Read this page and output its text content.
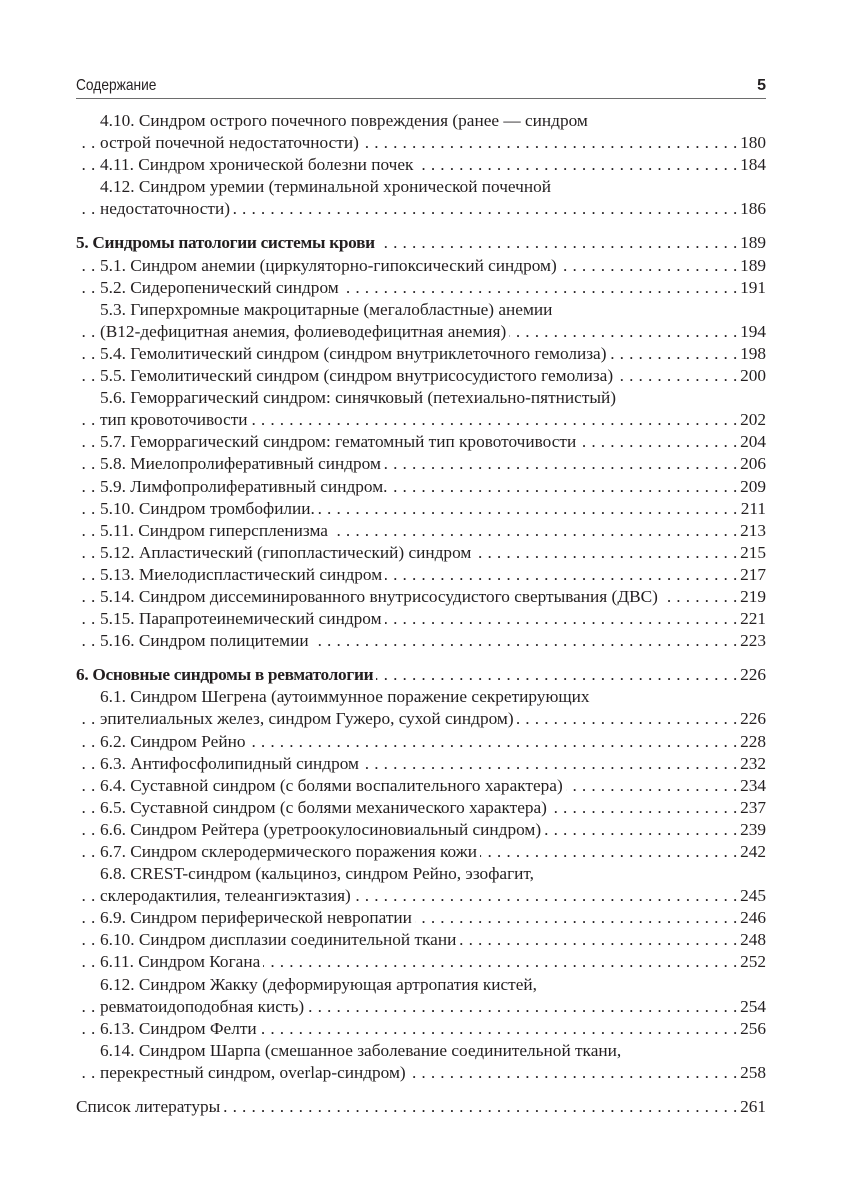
Содержание	5
4.10. Синдром острого почечного повреждения (ранее — синдром
. . . острой почечной недостаточности)	180
. . . 4.11. Синдром хронической болезни почек	184
4.12. Синдром уремии (терминальной хронической почечной
. . . недостаточности)	186
. . . 5. Синдромы патологии системы крови	189
. . . 5.1. Синдром анемии (циркуляторно-гипоксический синдром)	189
. . . 5.2. Сидеропенический синдром	191
5.3. Гиперхромные макроцитарные (мегалобластные) анемии
. . . (В12-дефицитная анемия, фолиеводефицитная анемия)	194
. . . 5.4. Гемолитический синдром (синдром внутриклеточного гемолиза)	198
. . . 5.5. Гемолитический синдром (синдром внутрисосудистого гемолиза)	200
5.6. Геморрагический синдром: синячковый (петехиально-пятнистый)
. . . тип кровоточивости	202
. . . 5.7. Геморрагический синдром: гематомный тип кровоточивости	204
. . . 5.8. Миелопролиферативный синдром	206
. . . 5.9. Лимфопролиферативный синдром.	209
. . . 5.10. Синдром тромбофилии.	211
. . . 5.11. Синдром гиперспленизма	213
. . . 5.12. Апластический (гипопластический) синдром	215
. . . 5.13. Миелодиспластический синдром	217
. . . 5.14. Синдром диссеминированного внутрисосудистого свертывания (ДВС)	219
. . . 5.15. Парапротеинемический синдром	221
. . . 5.16. Синдром полицитемии	223
. . . 6. Основные синдромы в ревматологии	226
6.1. Синдром Шегрена (аутоиммунное поражение секретирующих
. . . эпителиальных желез, синдром Гужеро, сухой синдром)	226
. . . 6.2. Синдром Рейно	228
. . . 6.3. Антифосфолипидный синдром	232
. . . 6.4. Суставной синдром (с болями воспалительного характера)	234
. . . 6.5. Суставной синдром (с болями механического характера)	237
. . . 6.6. Синдром Рейтера (уретроокулосиновиальный синдром)	239
. . . 6.7. Синдром склеродермического поражения кожи	242
6.8. CREST-синдром (кальциноз, синдром Рейно, эзофагит,
. . . склеродактилия, телеангиэктазия)	245
. . . 6.9. Синдром периферической невропатии	246
. . . 6.10. Синдром дисплазии соединительной ткани	248
. . . 6.11. Синдром Когана	252
6.12. Синдром Жакку (деформирующая артропатия кистей,
. . . ревматоидоподобная кисть)	254
. . . 6.13. Синдром Фелти	256
6.14. Синдром Шарпа (смешанное заболевание соединительной ткани,
. . . перекрестный синдром, overlap-синдром)	258
. . . Список литературы	261
